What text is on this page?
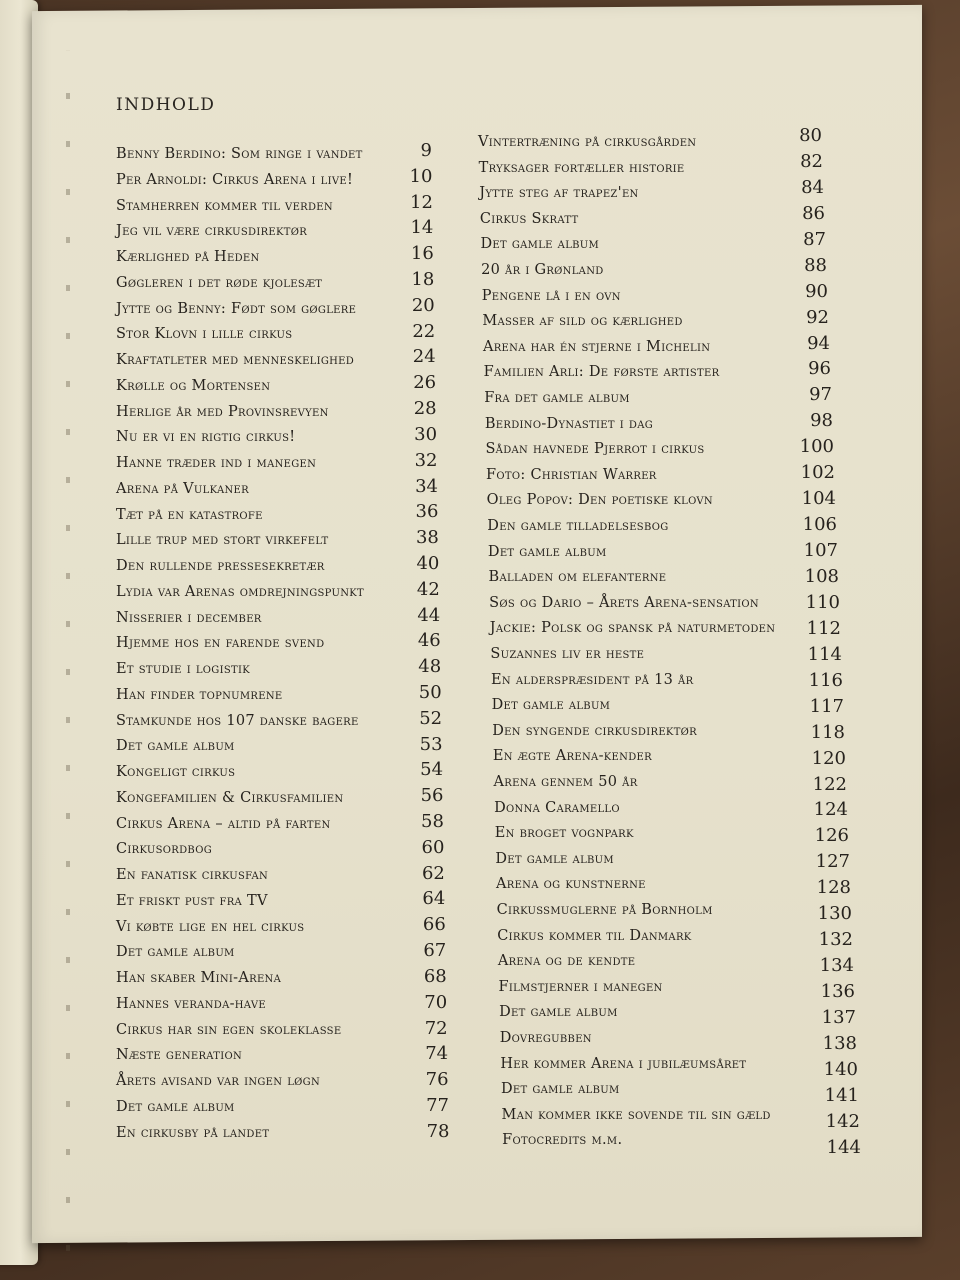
INDHOLD
Benny Berdino: Som ringe i vandet	9
Per Arnoldi: Cirkus Arena i live!	10
Stamherren kommer til verden	12
Jeg vil være cirkusdirektør	14
Kærlighed på Heden	16
Gøgleren i det røde kjolesæt	18
Jytte og Benny: Født som gøglere	20
Stor Klovn i lille cirkus	22
Kraftatleter med menneskelighed	24
Krølle og Mortensen	26
Herlige år med Provinsrevyen	28
Nu er vi en rigtig cirkus!	30
Hanne træder ind i manegen	32
Arena på Vulkaner	34
Tæt på en katastrofe	36
Lille trup med stort virkefelt	38
Den rullende pressesekretær	40
Lydia var Arenas omdrejningspunkt	42
Nisserier i december	44
Hjemme hos en farende svend	46
Et studie i logistik	48
Han finder topnumrene	50
Stamkunde hos 107 danske bagere	52
Det gamle album	53
Kongeligt cirkus	54
Kongefamilien & Cirkusfamilien	56
Cirkus Arena – altid på farten	58
Cirkusordbog	60
En fanatisk cirkusfan	62
Et friskt pust fra TV	64
Vi købte lige en hel cirkus	66
Det gamle album	67
Han skaber Mini-Arena	68
Hannes veranda-have	70
Cirkus har sin egen skoleklasse	72
Næste generation	74
Årets avisand var ingen løgn	76
Det gamle album	77
En cirkusby på landet	78
Vintertræning på cirkusgården	80
Tryksager fortæller historie	82
Jytte steg af trapez'en	84
Cirkus Skratt	86
Det gamle album	87
20 år i Grønland	88
Pengene lå i en ovn	90
Masser af sild og kærlighed	92
Arena har én stjerne i Michelin	94
Familien Arli: De første artister	96
Fra det gamle album	97
Berdino-Dynastiet i dag	98
Sådan havnede Pjerrot i cirkus	100
Foto: Christian Warrer	102
Oleg Popov: Den poetiske klovn	104
Den gamle tilladelsesbog	106
Det gamle album	107
Balladen om elefanterne	108
Søs og Dario – Årets Arena-sensation	110
Jackie: Polsk og spansk på naturmetoden	112
Suzannes liv er heste	114
En alderspræsident på 13 år	116
Det gamle album	117
Den syngende cirkusdirektør	118
En ægte Arena-kender	120
Arena gennem 50 år	122
Donna Caramello	124
En broget vognpark	126
Det gamle album	127
Arena og kunstnerne	128
Cirkussmuglerne på Bornholm	130
Cirkus kommer til Danmark	132
Arena og de kendte	134
Filmstjerner i manegen	136
Det gamle album	137
Dovregubben	138
Her kommer Arena i jubilæumsåret	140
Det gamle album	141
Man kommer ikke sovende til sin gæld	142
Fotocredits m.m.	144
